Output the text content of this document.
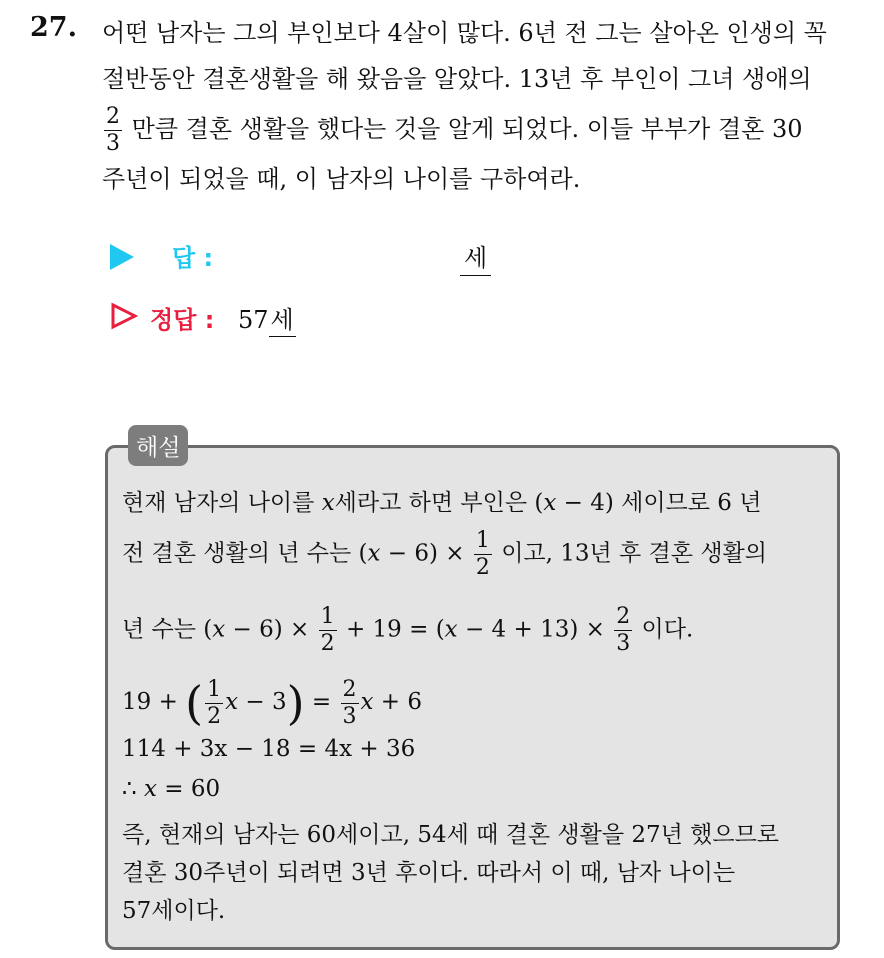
27. 어떤 남자는 그의 부인보다 4살이 많다. 6년 전 그는 살아온 인생의 꼭
절반동안 결혼생활을 해 왔음을 알았다. 13년 후 부인이 그녀 생애의
$\frac{2}{3}$ 만큼 결혼 생활을 했다는 것을 알게 되었다. 이들 부부가 결혼 30
주년이 되었을 때, 이 남자의 나이를 구하여라.
답 :	세
정답 : 57세
해설
현재 남자의 나이를 x세라고 하면 부인은 (x − 4) 세이므로 6 년
전 결혼 생활의 년 수는 $(x - 6) \times \frac{1}{2}$ 이고, 13년 후 결혼 생활의
년 수는 $(x - 6) \times \frac{1}{2} + 19 = (x - 4 + 13) \times \frac{2}{3}$ 이다.
19 + ( $\frac{1}{2}$ $x - 3) = \frac{2}{3}$ x + 6
114 + 3x − 18 = 4x + 36
∴ x = 60
즉, 현재의 남자는 60세이고, 54세 때 결혼 생활을 27년 했으므로
결혼 30주년이 되려면 3년 후이다. 따라서 이 때, 남자 나이는
57세이다.
